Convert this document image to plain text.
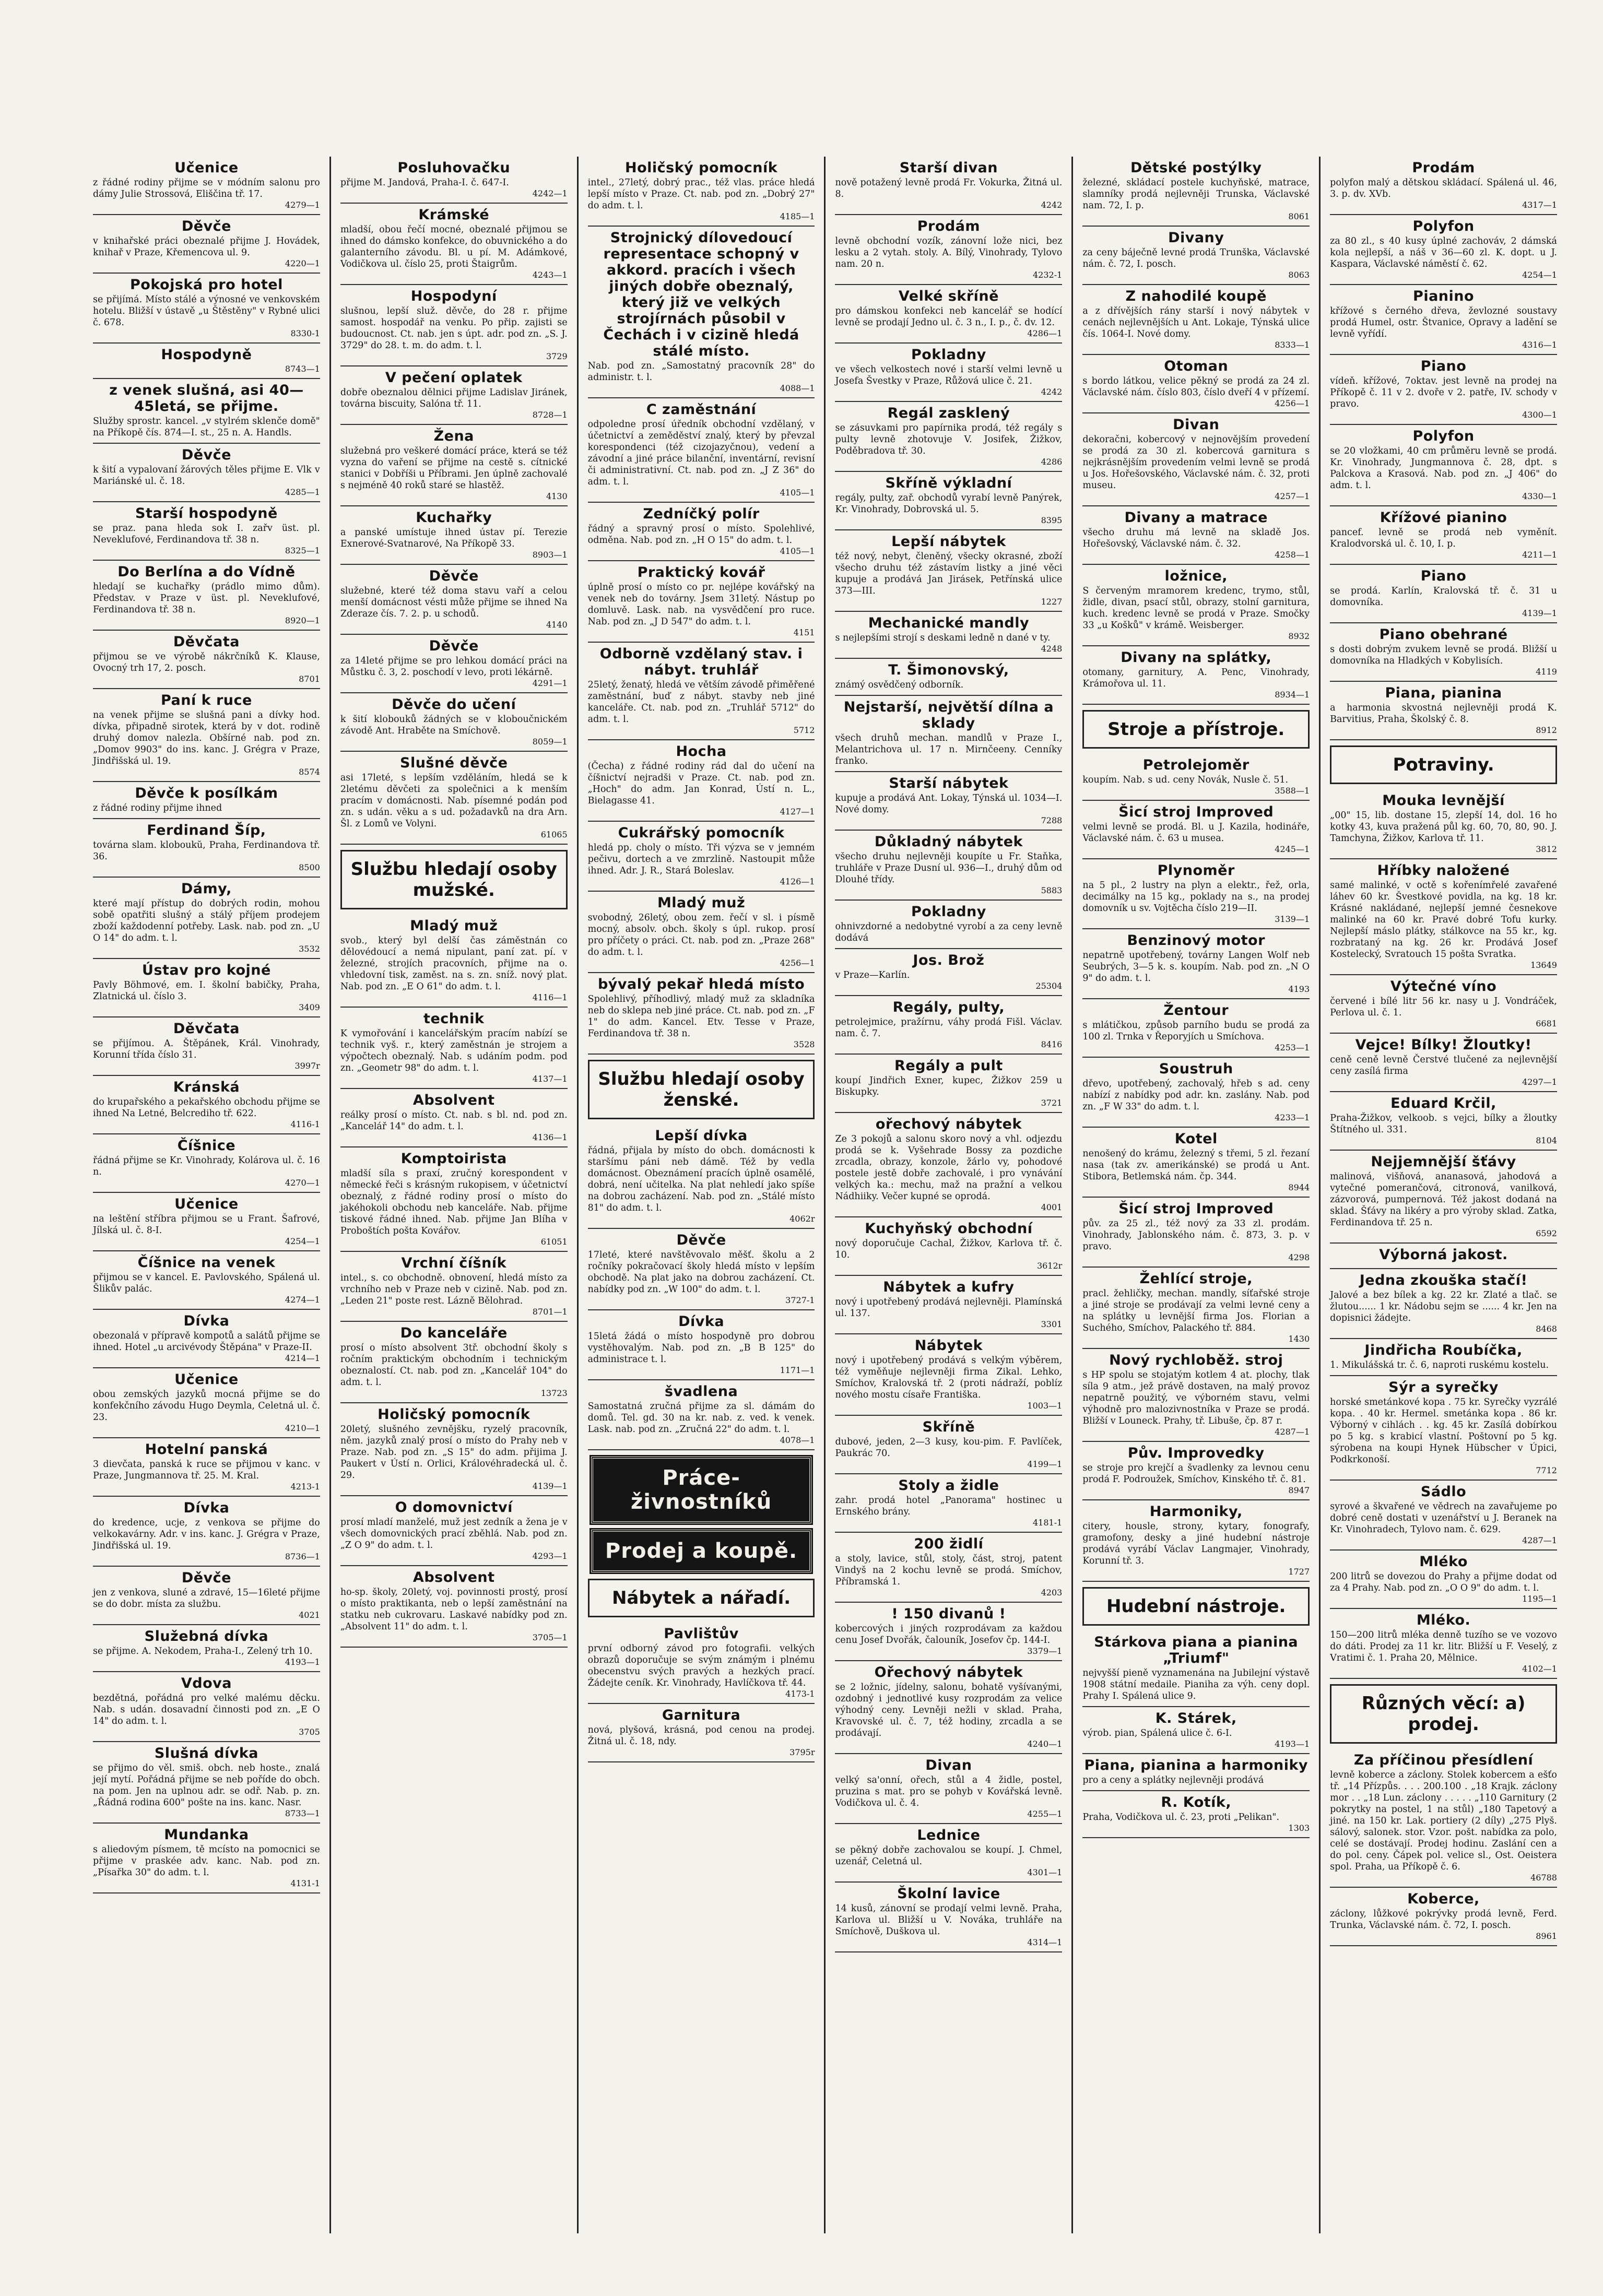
Učenice
z řádné rodiny přijme se v módním salonu pro dámy Julie Strossová, Eliščina tř. 17.
4279—1
Děvče
v knihařské práci obeznalé přijme J. Hovádek, knihař v Praze, Křemencova ul. 9.
4220—1
Pokojská pro hotel
se přijímá. Místo stálé a výnosné ve venkovském hotelu. Bližší v ústavě „u Štěstěny" v Rybné ulici č. 678.
8330-1
Hospodyně
8743—1
z venek slušná, asi 40—45letá, se přijme.
Služby sprostr. kancel. „v stylrém sklenče domě" na Příkopě čís. 874—I. st., 25 n. A. Handls.
Děvče
k šití a vypalovaní žárových těles přijme E. Vlk v Mariánské ul. č. 18.
4285—1
Starší hospodyně
se praz. pana hleda sok I. zařv üst. pl. Neveklufové, Ferdinandova tř. 38 n.
8325—1
Do Berlína a do Vídně
hledají se kuchařky (prádlo mimo dům). Představ. v Praze v üst. pl. Neveklufové, Ferdinandova tř. 38 n.
8920—1
Děvčata
přijmou se ve výrobě nákrčníků K. Klause, Ovocný trh 17, 2. posch.
8701
Paní k ruce
na venek přijme se slušná pani a dívky hod. dívka, připadně sirotek, která by v dot. rodině druhý domov nalezla. Obšírné nab. pod zn. „Domov 9903" do ins. kanc. J. Grégra v Praze, Jindřišská ul. 19.
8574
Děvče k posílkám
z řádné rodiny přijme ihned
Ferdinand Šíp,
továrna slam. kloboukŭ, Praha, Ferdinandova tř. 36.
8500
Dámy,
které mají přístup do dobrých rodin, mohou sobě opatřiti slušný a stálý příjem prodejem zboží každodenní potřeby. Lask. nab. pod zn. „U O 14" do adm. t. l.
3532
Ústav pro kojné
Pavly Böhmové, em. I. školní babičky, Praha, Zlatnická ul. číslo 3.
3409
Děvčata
se přijímou. A. Štěpánek, Král. Vinohrady, Korunní třída číslo 31.
3997r
Kránská
do krupařského a pekařského obchodu přijme se ihned Na Letné, Belcrediho tř. 622.
4116-1
Číšnice
řádná přijme se Kr. Vinohrady, Kolárova ul. č. 16 n.
4270—1
Učenice
na leštění stříbra přijmou se u Frant. Šafrové, Jílská ul. č. 8-I.
4254—1
Číšnice na venek
přijmou se v kancel. E. Pavlovského, Spálená ul. Šlikův palác.
4274—1
Dívka
obezonalá v přípravě kompotů a salátů přijme se ihned. Hotel „u arcivévody Štěpána" v Praze-II.
4214—1
Učenice
obou zemských jazyků mocná přijme se do konfekčního závodu Hugo Deymla, Celetná ul. č. 23.
4210—1
Hotelní panská
3 dievčata, panská k ruce se přijmou v kanc. v Praze, Jungmannova tř. 25. M. Kral.
4213-1
Dívka
do kredence, ucje, z venkova se přijme do velkokavárny. Adr. v ins. kanc. J. Grégra v Praze, Jindřišská ul. 19.
8736—1
Děvče
jen z venkova, sluné a zdravé, 15—16leté přijme se do dobr. místa za službu.
4021
Služebná dívka
se přijme. A. Nekodem, Praha-I., Zelený trh 10.
4193—1
Vdova
bezdětná, pořádná pro velké malému děcku. Nab. s udán. dosavadní činnosti pod zn. „E O 14" do adm. t. l.
3705
Slušná dívka
se přijmo do věl. smiš. obch. neb hoste., znalá její mytí. Pořádná přijme se neb poříde do obch. na pom. Jen na uplnou adr. se odř. Nab. p. zn. „Řádná rodina 600" pošte na ins. kanc. Nasr.
8733—1
Mundanka
s aliedovým písmem, tě mcísto na pomocnici se přijme v praskée adv. kanc. Nab. pod zn. „Písařka 30" do adm. t. l.
4131-1
Posluhovačku
přijme M. Jandová, Praha-I. č. 647-I.
4242—1
Krámské
mladší, obou řečí mocné, obeznalé přijmou se ihned do dámsko konfekce, do obuvnického a do galanterního závodu. Bl. u pí. M. Adámkové, Vodičkova ul. číslo 25, proti Štaigrům.
4243—1
Hospodyní
slušnou, lepší služ. děvče, do 28 r. přijme samost. hospodář na venku. Po přip. zajisti se budoucnost. Ct. nab. jen s úpt. adr. pod zn. „S. J. 3729" do 28. t. m. do adm. t. l.
3729
V pečení oplatek
dobře obeznalou dělnici přijme Ladislav Jiránek, továrna biscuity, Salóna tř. 11.
8728—1
Žena
služebná pro veškeré domácí práce, která se též vyzna do vaření se přijme na cestě s. cítnické stanici v Dobříši u Příbrami. Jen úplně zachovalé s nejméně 40 roků staré se hlastěž.
4130
Kuchařky
a panské umístuje ihned ústav pí. Terezie Exnerové-Svatnarové, Na Příkopě 33.
8903—1
Děvče
služebné, které též doma stavu vaří a celou menší domácnost vésti může přijme se ihned Na Zderaze čís. 7. 2. p. u schodů.
4140
Děvče
za 14leté přijme se pro lehkou domácí práci na Můstku č. 3, 2. poschodí v levo, proti lékárně.
4291—1
Děvče do učení
k šití klobouků žádných se v kloboučnickém závodě Ant. Hraběte na Smíchově.
8059—1
Slušné děvče
asi 17leté, s lepším vzděláním, hledá se k 2letému děvčeti za společnici a k menším pracím v domácnosti. Nab. písemné podán pod zn. s udán. věku a s ud. požadavků na dra Arn. Šl. z Lomů ve Volyni.
61065
Službu hledají osoby mužské.
Mladý muž
svob., který byl delší čas záměstnán co dělovédoucí a nemá nipulant, paní zat. pí. v železné, strojích pracovních, přijme na o. vhledovní tisk, zaměst. na s. zn. sníž. nový plat. Nab. pod zn. „E O 61" do adm. t. l.
4116—1
technik
K vymořování i kancelářským pracím nabízí se technik vyš. r., který zaměstnán je strojem a výpočtech obeznalý. Nab. s udáním podm. pod zn. „Geometr 98" do adm. t. l.
4137—1
Absolvent
reálky prosí o místo. Ct. nab. s bl. nd. pod zn. „Kancelář 14" do adm. t. l.
4136—1
Komptoiristа
mladší síla s praxí, zručný korespondent v německé řeči s krásným rukopisem, v účetnictví obeznalý, z řádné rodiny prosí o místo do jakéhokoli obchodu neb kanceláře. Nab. přijme tiskové řádné ihned. Nab. přijme Jan Blíha v Proboštích pošta Kovářov.
61051
Vrchní číšník
intel., s. co obchodně. obnovení, hledá místo za vrchního neb v Praze neb v cizině. Nab. pod zn. „Leden 21" poste rest. Lázně Bělohrad.
8701—1
Do kanceláře
prosí o místo absolvent 3tř. obchodní školy s ročním praktickým obchodním i technickým obeznalostí. Ct. nab. pod zn. „Kancelář 104" do adm. t. l.
13723
Holičský pomocník
20letý, slušného zevnějšku, ryzelý pracovník, něm. jazyků znalý prosí o místo do Prahy neb v Praze. Nab. pod zn. „S 15" do adm. přijima J. Paukert v Ústí n. Orlici, Královéhradecká ul. č. 29.
4139—1
O domovnictví
prosí mladí manželé, muž jest zedník a žena je v všech domovnických prací zběhlá. Nab. pod zn. „Z O 9" do adm. t. l.
4293—1
Absolvent
ho-sp. školy, 20letý, voj. povinnosti prostý, prosí o místo praktikanta, neb o lepší zaměstnání na statku neb cukrovaru. Laskavé nabídky pod zn. „Absolvent 11" do adm. t. l.
3705—1
Holičský pomocník
intel., 27letý, dobrý prac., též vlas. práce hledá lepší místo v Praze. Ct. nab. pod zn. „Dobrý 27" do adm. t. l.
4185—1
Strojnický dílovedoucí representace schopný v akkord. pracích i všech jiných dobře obeznalý, který již ve velkých strojírnách působil v Čechách i v cizině hledá stálé místo.
Nab. pod zn. „Samostatný pracovník 28" do administr. t. l.
4088—1
C zaměstnání
odpoledne prosí úředník obchodní vzdělaný, v účetnictví a zeměděství znalý, který by převzal korespondenci (též cizojazyčnou), vedení a závodní a jiné práce bilanční, inventární, revisní či administrativní. Ct. nab. pod zn. „J Z 36" do adm. t. l.
4105—1
Zedníčký polír
řádný a spravný prosí o místo. Spolehlivé, odměna. Nab. pod zn. „H O 15" do adm. t. l.
4105—1
Praktický kovář
úplně prosí o místo co pr. nejlépe kovářský na venek neb do továrny. Jsem 31letý. Nástup po domluvě. Lask. nab. na vysvědčení pro ruce. Nab. pod zn. „J D 547" do adm. t. l.
4151
Odborně vzdělaný stav. i nábyt. truhlář
25letý, ženatý, hledá ve větším závodě přiměřené zaměstnání, buď z nábyt. stavby neb jiné kanceláře. Ct. nab. pod zn. „Truhlář 5712" do adm. t. l.
5712
Hocha
(Čecha) z řádné rodiny rád dal do učení na číšnictví nejradši v Praze. Ct. nab. pod zn. „Hoch" do adm. Jan Konrad, Ústí n. L., Bielagasse 41.
4127—1
Cukrářský pomocník
hledá pp. choly o místo. Tři výzva se v jemném pečivu, dortech a ve zmrzlině. Nastoupit může ihned. Adr. J. R., Stará Boleslav.
4126—1
Mladý muž
svobodný, 26letý, obou zem. řečí v sl. i písmě mocný, absolv. obch. školy s úpl. rukop. prosí pro příčety o práci. Ct. nab. pod zn. „Praze 268" do adm. t. l.
4256—1
bývalý pekař hledá místo
Spolehlivý, příhodlivý, mladý muž za skladníka neb do sklepa neb jiné práce. Ct. nab. pod zn. „F 1" do adm. Kancel. Etv. Tesse v Praze, Ferdinandova tř. 38 n.
3528
Službu hledají osoby ženské.
Lepší dívka
řádná, přijala by místo do obch. domácnosti k staršímu páni neb dámě. Též by vedla domácnost. Obeznámení pracích úplně osamělé, dobrá, není učitelka. Na plat nehledí jako spíše na dobrou zacházení. Nab. pod zn. „Stálé místo 81" do adm. t. l.
4062r
Děvče
17leté, které navštěvovalo měšť. školu a 2 ročníky pokračovací školy hledá místo v lepším obchodě. Na plat jako na dobrou zacházení. Ct. nabídky pod zn. „W 100" do adm. t. l.
3727-1
Dívka
15letá žádá o místo hospodyně pro dobrou vystěhovalým. Nab. pod zn. „B B 125" do administrace t. l.
1171—1
švadlena
Samostatná zručná přijme za sl. dámám do domů. Tel. gd. 30 na kr. nab. z. ved. k venek. Lask. nab. pod zn. „Zručná 22" do adm. t. l.
4078—1
Práce-živnostníků
Prodej a koupě.
Nábytek a nářadí.
Pavlištův
první odborný závod pro fotografii. velkých obrazů doporučuje se svým známým i plnému obecenstvu svých pravých a hezkých prací. Žádejte ceník. Kr. Vinohrady, Havlíčkova tř. 44.
4173-1
Garnitura
nová, plyšová, krásná, pod cenou na prodej. Žitná ul. č. 18, ndy.
3795r
Starší divan
nově potažený levně prodá Fr. Vokurka, Žitná ul. 8.
4242
Prodám
levně obchodní vozík, zánovní lože nici, bez lesku a 2 vytah. stoly. A. Bílý, Vinohrady, Tylovo nam. 20 n.
4232-1
Velké skříně
pro dámskou konfekci neb kancelář se hodící levně se prodají Jedno ul. č. 3 n., I. p., č. dv. 12.
4286—1
Pokladny
ve všech velkostech nové i starší velmi levně u Josefa Švestky v Praze, Růžová ulice č. 21.
4242
Regál zasklený
se zásuvkami pro papírnika prodá, též regály s pulty levně zhotovuje V. Josifek, Žižkov, Poděbradova tř. 30.
4286
Skříně výkladní
regály, pulty, zař. obchodů vyrabí levně Panýrek, Kr. Vinohrady, Dobrovská ul. 5.
8395
Lepší nábytek
též nový, nebyt, členěný, všecky okrasné, zboží všecho druhu též zástavím listky a jiné věci kupuje a prodává Jan Jirásek, Petřínská ulice 373—III.
1227
Mechanické mandly
s nejlepšími strojí s deskami ledně n dané v ty.
4248
T. Šimonovský,
známý osvědčený odborník.
Nejstarší, největší dílna a sklady
všech druhů mechan. mandlů v Praze I., Melantrichova ul. 17 n. Mirnčeeny. Cenníky franko.
Starší nábytek
kupuje a prodává Ant. Lokay, Týnská ul. 1034—I. Nové domy.
7288
Důkladný nábytek
všecho druhu nejlevněji koupíte u Fr. Staňka, truhláře v Praze Dusní ul. 936—I., druhý dům od Dlouhé třídy.
5883
Pokladny
ohnivzdorné a nedobytné vyrobí a za ceny levně dodává
Jos. Brož
v Praze—Karlín.
25304
Regály, pulty,
petrolejmice, pražírnu, váhy prodá Fišl. Václav. nam. č. 7.
8416
Regály a pult
koupí Jindřich Exner, kupec, Žižkov 259 u Biskupky.
3721
ořechový nábytek
Ze 3 pokojů a salonu skoro nový a vhl. odjezdu prodá se k. Vyšehrade Bossy za pozdiche zrcadla, obrazy, konzole, žárlo vy, pohodové postele jestě dobře zachovalé, i pro vynávání velkých ka.: mechu, maž na pražní a velkou Nádhiiky. Večer kupné se oprodá.
4001
Kuchyňský obchodní
nový doporučuje Cachal, Žižkov, Karlova tř. č. 10.
3612r
Nábytek a kufry
nový i upotřebený prodává nejlevněji. Plamínská ul. 137.
3301
Nábytek
nový i upotřebený prodává s velkým výběrem, též vyměňuje nejlevněji firma Zikal. Lehko, Smíchov, Kralovská tř. 2 (proti nádraží, poblíz nového mostu císaře Františka.
1003—1
Skříně
dubové, jeden, 2—3 kusy, kou-pim. F. Pavlíček, Paukrác 70.
4199—1
Stoly a židle
zahr. prodá hotel „Panorama" hostinec u Ernského brány.
4181-1
200 židlí
a stoly, lavice, stůl, stoly, část, stroj, patent Vindyš na 2 kochu levně se prodá. Smíchov, Příbramská 1.
4203
! 150 divanů !
kobercových i jiných rozprodávam za každou cenu Josef Dvořák, čalouník, Josefov čp. 144-I.
3379—1
Ořechový nábytek
se 2 ložnic, jídelny, salonu, bohatě vyšívanými, ozdobný i jednotlivé kusy rozprodám za velice výhodný ceny. Levněji nežli v sklad. Praha, Kravovské ul. č. 7, též hodiny, zrcadla a se prodávají.
4240—1
Divan
velký sa'onní, ořech, stůl a 4 židle, postel, pruzina s mat. pro se pohyb v Kovářská levně. Vodičkova ul. č. 4.
4255—1
Lednice
se pěkný dobře zachovalou se koupí. J. Chmel, uzenář, Celetná ul.
4301—1
Školní lavice
14 kusů, zánovní se prodají velmi levně. Praha, Karlova ul. Bližší u V. Nováka, truhláře na Smíchově, Duškova ul.
4314—1
Dětské postýlky
železné, skládací postele kuchyňské, matrace, slamníky prodá nejlevněji Trunska, Václavské nam. 72, I. p.
8061
Divany
za ceny báječně levné prodá Trunška, Václavské nám. č. 72, I. posch.
8063
Z nahodilé koupě
a z dřívějších rány starší i nový nábytek v cenách nejlevnějších u Ant. Lokaje, Týnská ulice čís. 1064-I. Nové domy.
8333—1
Otoman
s bordo látkou, velice pěkný se prodá za 24 zl. Václavské nám. číslo 803, číslo dveří 4 v přízemí.
4256—1
Divan
dekoračni, kobercový v nejnovějším provedení se prodá za 30 zl. kobercová garnitura s nejkrásnějším provedením velmi levně se prodá u Jos. Hořešovského, Václavské nám. č. 32, proti museu.
4257—1
Divany a matrace
všecho druhu má levně na skladě Jos. Hořešovský, Václavské nám. č. 32.
4258—1
ložnice,
S červeným mramorem kredenc, trymo, stůl, židle, divan, psací stůl, obrazy, stolní garnitura, kuch. kredenc levně se prodá v Praze. Smočky 33 „u Košků" v krámě. Weisberger.
8932
Divany na splátky,
otomany, garnitury, A. Penc, Vinohrady, Krámořova ul. 11.
8934—1
Stroje a přístroje.
Petrolejoměr
koupím. Nab. s ud. ceny Novák, Nusle č. 51.
3588—1
Šicí stroj Improved
velmi levně se prodá. Bl. u J. Kazila, hodináře, Václavské nám. č. 63 u musea.
4245—1
Plynoměr
na 5 pl., 2 lustry na plyn a elektr., řež, orla, decimálky na 15 kg., poklady na s., na prodej domovník u sv. Vojtěcha číslo 219—II.
3139—1
Benzinový motor
nepatrně upotřebený, továrny Langen Wolf neb Seubrých, 3—5 k. s. koupím. Nab. pod zn. „N O 9" do adm. t. l.
4193
Žentour
s mlátičkou, způsob parního budu se prodá za 100 zl. Trnka v Řeporyjích u Smíchova.
4253—1
Soustruh
dřevo, upotřebený, zachovalý, hřeb s ad. ceny nabízí z nabídky pod adr. kn. zaslány. Nab. pod zn. „F W 33" do adm. t. l.
4233—1
Kotel
nenošený do krámu, železný s třemi, 5 zl. řezaní nasa (tak zv. amerikánské) se prodá u Ant. Stibora, Betlemská nám. čp. 344.
8944
Šicí stroj Improved
pův. za 25 zl., též nový za 33 zl. prodám. Vinohrady, Jablonského nám. č. 873, 3. p. v pravo.
4298
Žehlící stroje,
pracl. žehličky, mechan. mandly, síťařské stroje a jiné stroje se prodávají za velmi levné ceny a na splátky u levnější firma Jos. Florian a Suchého, Smíchov, Palackého tř. 884.
1430
Nový rychloběž. stroj
s HP spolu se stojatým kotlem 4 at. plochy, tlak síla 9 atm., jež právě dostaven, na malý provoz nepatrně použitý, ve výborném stavu, velmi výhodně pro malozivnostníka v Praze se prodá. Bližší v Louneck. Prahy, tř. Libuše, čp. 87 r.
4287—1
Pův. Improvedky
se stroje pro krejčí a švadlenky za levnou cenu prodá F. Podroužek, Smíchov, Kinského tř. č. 81.
8947
Harmoniky,
citery, housle, strony, kytary, fonografy, gramofony, desky a jiné hudební nástroje prodává vyrábí Václav Langmajer, Vinohrady, Korunní tř. 3.
1727
Hudební nástroje.
Stárkova piana a pianina „Triumf"
nejvyšší pieně vyznamenána na Jubilejní výstavě 1908 státní medaile. Pianiha za výh. ceny dopl. Prahy I. Spálená ulice 9.
K. Stárek,
výrob. pian, Spálená ulice č. 6-I.
4193—1
Piana, pianina a harmoniky
pro a ceny a splátky nejlevněji prodává
R. Kotík,
Praha, Vodičkova ul. č. 23, proti „Pelikan".
1303
Prodám
polyfon malý a dětskou skládací. Spálená ul. 46, 3. p. dv. XVb.
4317—1
Polyfon
za 80 zl., s 40 kusy úplné zachováv, 2 dámská kola nejlepší, a náš v 36—60 zl. K. dopt. u J. Kaspara, Václavské náměstí č. 62.
4254—1
Pianino
křížové s černého dřeva, ževlozné soustavy prodá Humel, ostr. Štvanice, Opravy a ladění se levně vyřídí.
4316—1
Piano
vídeň. křížové, 7oktav. jest levně na prodej na Příkopě č. 11 v 2. dvoře v 2. patře, IV. schody v pravo.
4300—1
Polyfon
se 20 vložkami, 40 cm průměru levně se prodá. Kr. Vinohrady, Jungmannova č. 28, dpt. s Palckova a Krasová. Nab. pod zn. „J 406" do adm. t. l.
4330—1
Křížové pianino
pancef. levně se prodá neb vyměnít. Kralodvorská ul. č. 10, I. p.
4211—1
Piano
se prodá. Karlín, Kralovská tř. č. 31 u domovníka.
4139—1
Piano obehrané
s dosti dobrým zvukem levně se prodá. Bližší u domovníka na Hladkých v Kobylisích.
4119
Piana, pianina
a harmonia skvostná nejlevněji prodá K. Barvitius, Praha, Školský č. 8.
8912
Potraviny.
Mouka levnější
„00" 15, lib. dostane 15, zlepší 14, dol. 16 ho kotky 43, kuva pražená půl kg. 60, 70, 80, 90. J. Tamchyna, Žižkov, Karlova tř. 11.
3812
Hříbky naložené
samé malinké, v octě s kořenímřelé zavařené láhev 60 kr. Švestkové povidla, na kg. 18 kr. Krásné nakládané, nejlepší jemné česnekove malinké na 60 kr. Pravé dobré Tofu kurky. Nejlepší máslo plátky, stálkovce na 55 kr., kg. rozbrataný na kg. 26 kr. Prodává Josef Kostelecký, Svratouch 15 pošta Svratka.
13649
Výtečné víno
červené i bílé litr 56 kr. nasy u J. Vondráček, Perlova ul. č. 1.
6681
Vejce! Bílky! Žloutky!
ceně ceně levně Čerstvé tlučené za nejlevnější ceny zasílá firma
4297—1
Eduard Krčil,
Praha-Žižkov, velkoob. s vejci, bílky a žloutky Štítného ul. 331.
8104
Nejjemnější šťávy
malinová, višňová, ananasová, jahodová a vytečné pomerančová, citronová, vanilková, zázvorová, pumpernová. Též jakost dodaná na sklad. Šťávy na likéry a pro výroby sklad. Zatka, Ferdinandova tř. 25 n.
6592
Výborná jakost.
Jedna zkouška stačí!
Jalové a bez bílek a kg. 22 kr. Zlaté a tlač. se žlutou...... 1 kr. Nádobu sejm se ...... 4 kr. Jen na dopisnici žádejte.
8468
Jindřicha Roubíčka,
1. Mikulášská tr. č. 6, naproti ruskému kostelu.
Sýr a syrečky
horské smetánkové kopa . 75 kr. Syrečky vyzrálé kopa. . 40 kr. Hermel. smetánka kopa . 86 kr. Výborný v cihlách . . kg. 45 kr. Zasílá dobírkou po 5 kg. s krabicí vlastní. Poštovní po 5 kg. sýrobena na koupi Hynek Hübscher v Úpici, Podkrkonoší.
7712
Sádlo
syrové a škvařené ve vědrech na zavařujeme po dobré ceně dostati v uzenářství u J. Beranek na Kr. Vinohradech, Tylovo nam. č. 629.
4287—1
Mléko
200 litrů se dovezou do Prahy a přijme dodat od za 4 Prahy. Nab. pod zn. „O O 9" do adm. t. l.
1195—1
Mléko.
150—200 litrů mléka denně tuzího se ve vozovo do dáti. Prodej za 11 kr. litr. Bližší u F. Veselý, z Vratimi č. 1. Praha 20, Mělnice.
4102—1
Různých věcí: a) prodej.
Za příčinou přesídlení
levně koberce a záclony. Stolek kobercem a ešťo tř. „14 Přízpůs. . . . 200.100 . „18 Krajk. záclony mor . . „18 Lun. záclony . . . . . „110 Garnitury (2 pokrytky na postel, 1 na stůl) „180 Tapetový a jiné. na 150 kr. Lak. portiery (2 díly) „275 Plyš. sálový, salonek. stor. Vzor. pošt. nabídka za polo, celé se dostávají. Prodej hodinu. Zaslání cen a do pol. ceny. Čápek pol. velice sl., Ost. Oeistera spol. Praha, ua Příkopě č. 6.
46788
Koberce,
záclony, lůžkové pokrývky prodá levně, Ferd. Trunka, Václavské nám. č. 72, I. posch.
8961
